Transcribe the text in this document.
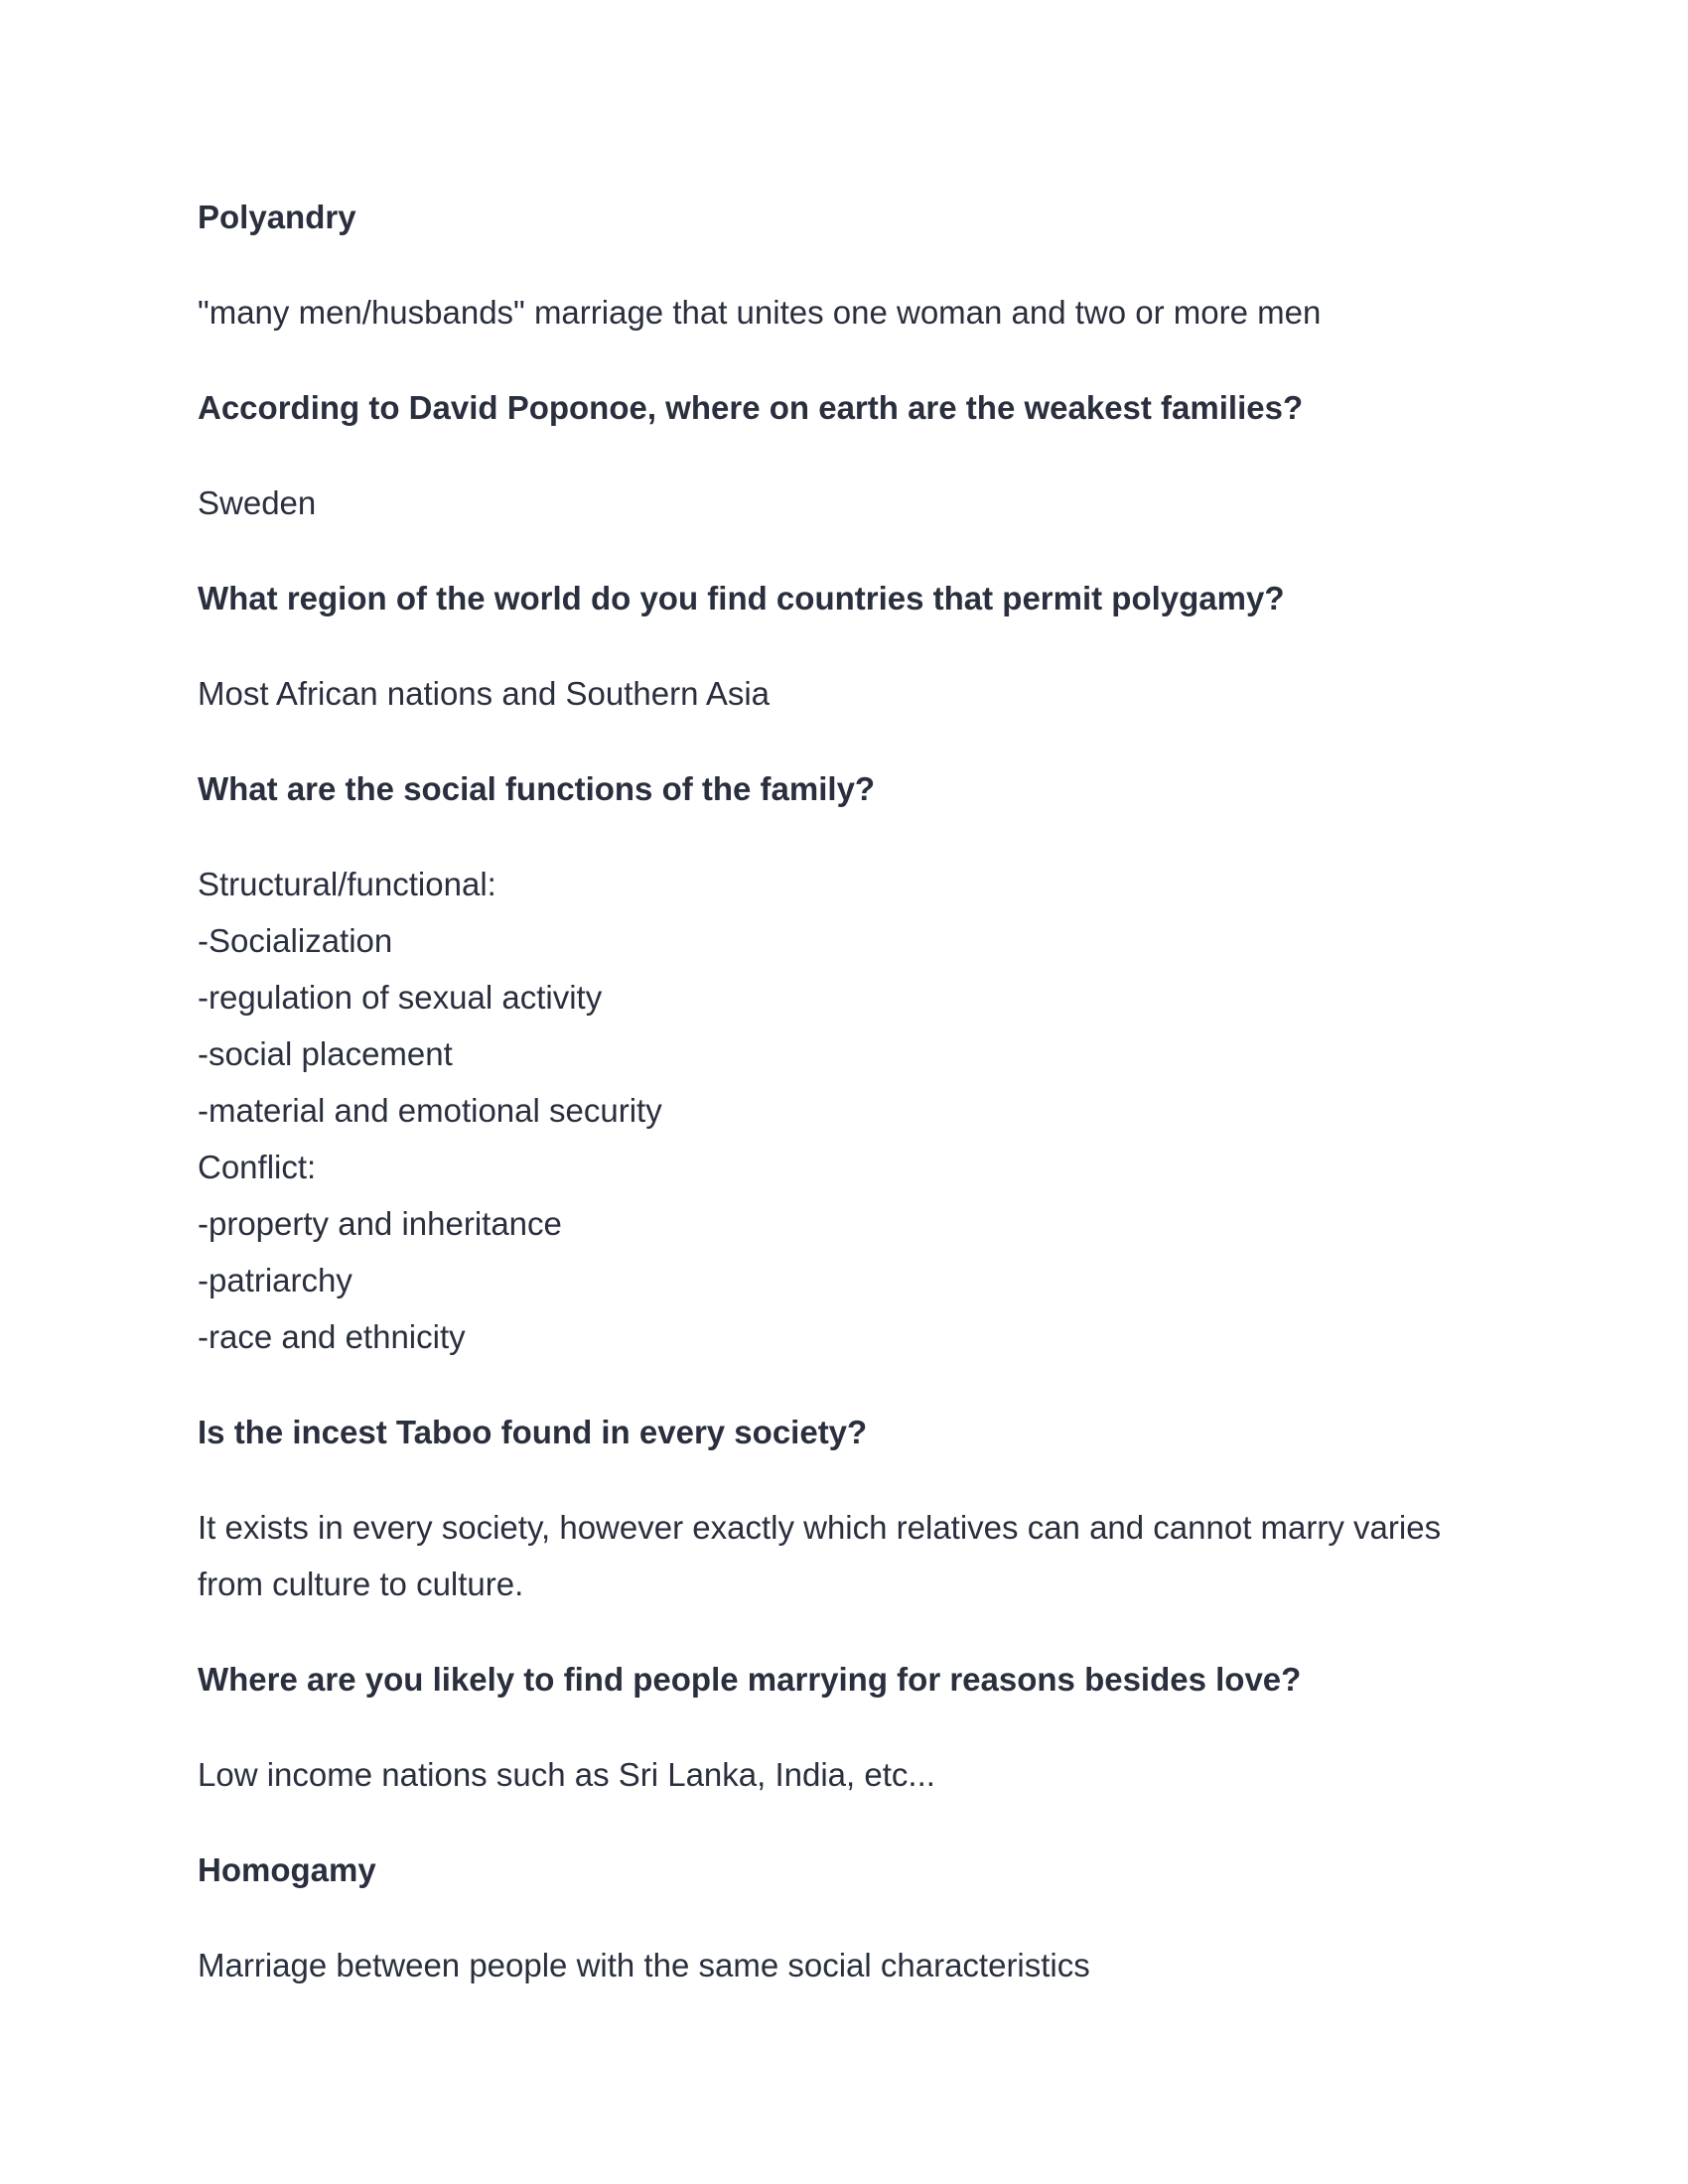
Polyandry

"many men/husbands" marriage that unites one woman and two or more men

According to David Poponoe, where on earth are the weakest families?

Sweden

What region of the world do you find countries that permit polygamy?

Most African nations and Southern Asia

What are the social functions of the family?

Structural/functional:
-Socialization
-regulation of sexual activity
-social placement
-material and emotional security
Conflict:
-property and inheritance
-patriarchy
-race and ethnicity

Is the incest Taboo found in every society?

It exists in every society, however exactly which relatives can and cannot marry varies
from culture to culture.

Where are you likely to find people marrying for reasons besides love?

Low income nations such as Sri Lanka, India, etc...

Homogamy

Marriage between people with the same social characteristics
